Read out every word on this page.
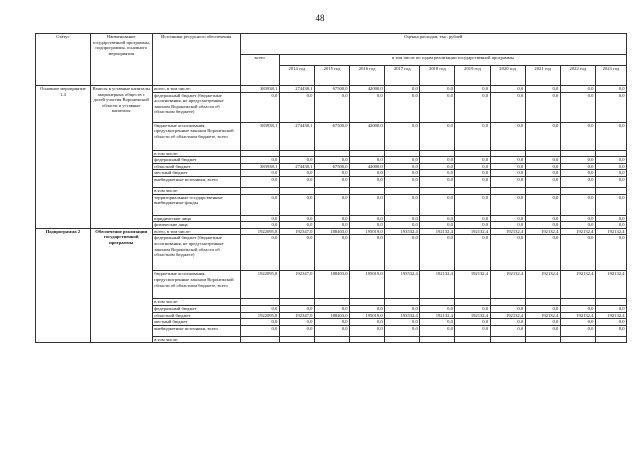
48
Статус	Наименование государственной программы, подпрограммы, основного мероприятия	Источники ресурсного обеспечения	Оценка расходов, тыс. рублей										
			всего	в том числе по годам реализации государственной программы									
				2014 год	2015 год	2016 год	2017 год	2018 год	2019 год	2020 год	2021 год	2022 год	2023 год
Основное мероприятие 1.4	Взносы в уставные капиталы акционерных обществ с долей участия Воронежской области и уставные капиталы	всего, в том числе:	383938,1	274438,1	67500,0	42000,0	0,0	0,0	0,0	0,0	0,0	0,0	0,0
		федеральный бюджет (бюджетные ассигнования, не предусмотренные законом Воронежской области об областном бюджете)	0,0	0,0	0,0	0,0	0,0	0,0	0,0	0,0	0,0	0,0	0,0
		бюджетные ассигнования, предусмотренные законом Воронежской области об областном бюджете, всего	383938,1	274438,1	67500,0	42000,0	0,0	0,0	0,0	0,0	0,0	0,0	0,0
		в том числе:											
		федеральный бюджет	0,0	0,0	0,0	0,0	0,0	0,0	0,0	0,0	0,0	0,0	0,0
		областной бюджет	383938,1	274438,1	67500,0	42000,0	0,0	0,0	0,0	0,0	0,0	0,0	0,0
		местный бюджет	0,0	0,0	0,0	0,0	0,0	0,0	0,0	0,0	0,0	0,0	0,0
		внебюджетные источники, всего	0,0	0,0	0,0	0,0	0,0	0,0	0,0	0,0	0,0	0,0	0,0
		в том числе:											
		территориальные государственные внебюджетные фонды	0,0	0,0	0,0	0,0	0,0	0,0	0,0	0,0	0,0	0,0	0,0
		юридические лица	0,0	0,0	0,0	0,0	0,0	0,0	0,0	0,0	0,0	0,0	0,0
		физические лица	0,0	0,0	0,0	0,0	0,0	0,0	0,0	0,0	0,0	0,0	0,0
Подпрограмма 2	Обеспечение реализации государственной программы	всего, в том числе:	1922095,8	192347,0	188403,0	195019,0	193532,4	192132,4	192132,4	192132,4	192132,4	192132,4	192132,4
		федеральный бюджет (бюджетные ассигнования, не предусмотренные законом Воронежской области об областном бюджете)	0,0	0,0	0,0	0,0	0,0	0,0	0,0	0,0	0,0	0,0	0,0
		бюджетные ассигнования, предусмотренные законом Воронежской области об областном бюджете, всего	1922095,8	192347,0	188403,0	195019,0	193532,4	192132,4	192132,4	192132,4	192132,4	192132,4	192132,4
		в том числе:											
		федеральный бюджет	0,0	0,0	0,0	0,0	0,0	0,0	0,0	0,0	0,0	0,0	0,0
		областной бюджет	1922095,8	192347,0	188403,0	195019,0	193532,4	192132,4	192132,4	192132,4	192132,4	192132,4	192132,4
		местный бюджет	0,0	0,0	0,0	0,0	0,0	0,0	0,0	0,0	0,0	0,0	0,0
		внебюджетные источники, всего	0,0	0,0	0,0	0,0	0,0	0,0	0,0	0,0	0,0	0,0	0,0
		в том числе:											
